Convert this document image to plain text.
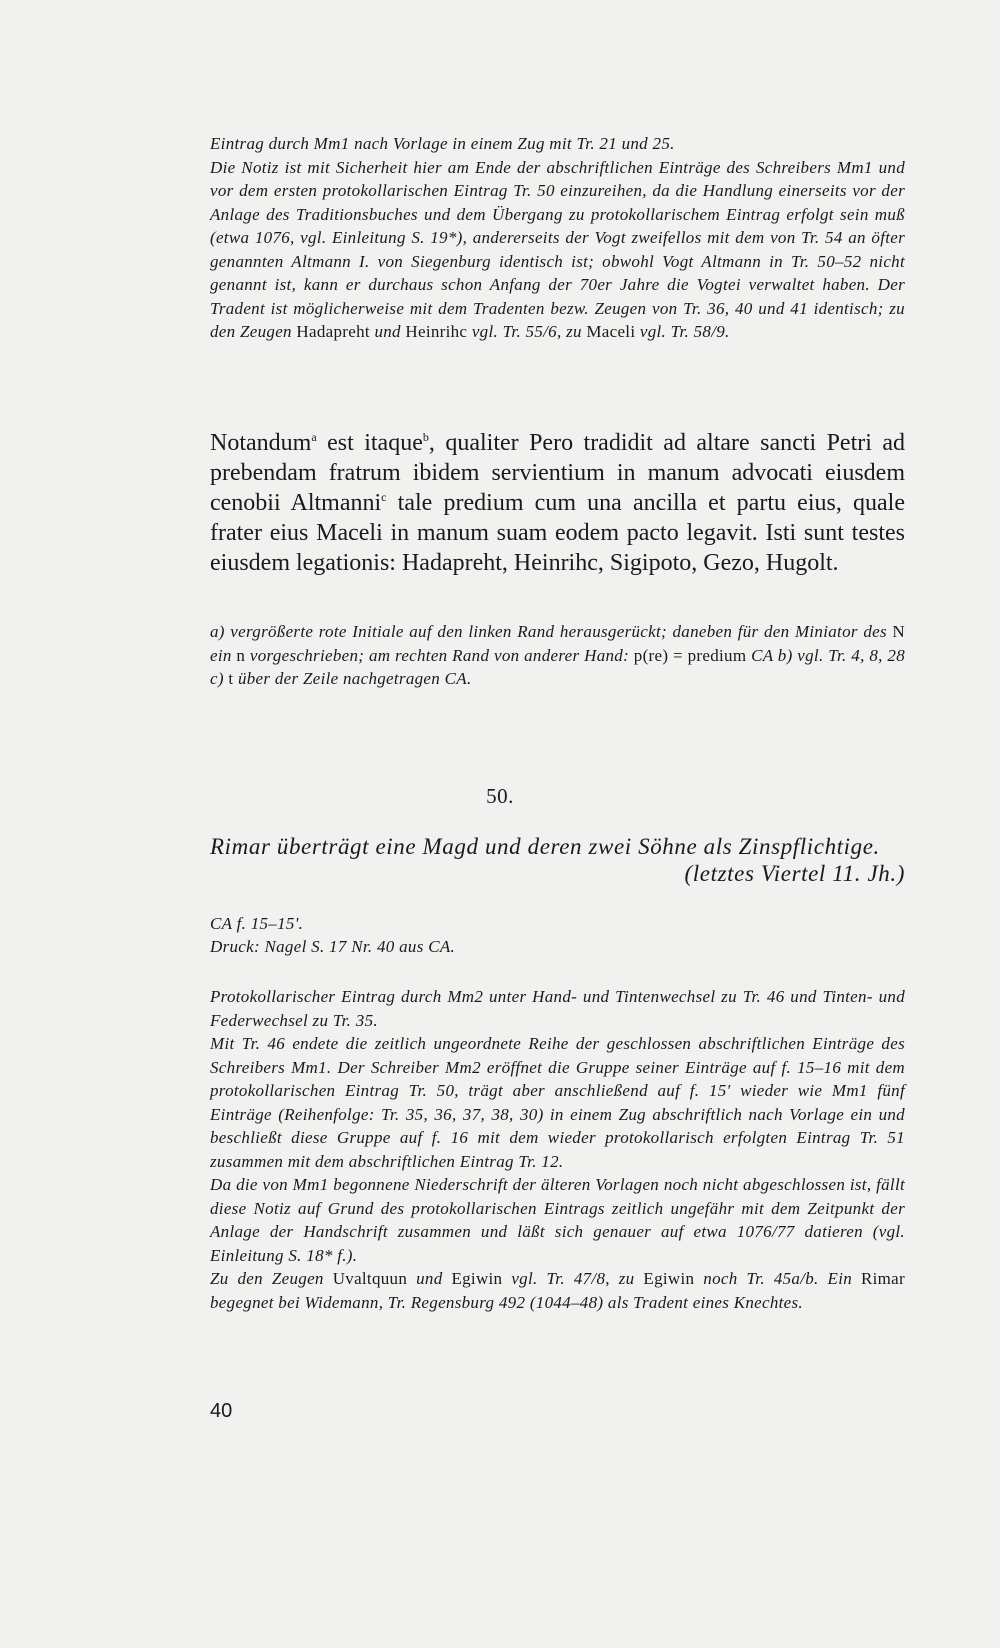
Eintrag durch Mm1 nach Vorlage in einem Zug mit Tr. 21 und 25.

Die Notiz ist mit Sicherheit hier am Ende der abschriftlichen Einträge des Schreibers Mm1 und vor dem ersten protokollarischen Eintrag Tr. 50 einzureihen, da die Handlung einerseits vor der Anlage des Traditionsbuches und dem Übergang zu protokollarischem Eintrag erfolgt sein muß (etwa 1076, vgl. Einleitung S. 19*), andererseits der Vogt zweifellos mit dem von Tr. 54 an öfter genannten Altmann I. von Siegenburg identisch ist; obwohl Vogt Altmann in Tr. 50–52 nicht genannt ist, kann er durchaus schon Anfang der 70er Jahre die Vogtei verwaltet haben. Der Tradent ist möglicherweise mit dem Tradenten bezw. Zeugen von Tr. 36, 40 und 41 identisch; zu den Zeugen Hadapreht und Heinrihc vgl. Tr. 55/6, zu Maceli vgl. Tr. 58/9.

Notandum$^a$ est itaque$^b$, qualiter Pero tradidit ad altare sancti Petri ad prebendam fratrum ibidem servientium in manum advocati eiusdem cenobii Altmanni$^c$ tale predium cum una ancilla et partu eius, quale frater eius Maceli in manum suam eodem pacto legavit. Isti sunt testes eiusdem legationis: Hadapreht, Heinrihc, Sigipoto, Gezo, Hugolt.

a) vergrößerte rote Initiale auf den linken Rand herausgerückt; daneben für den Miniator des N ein n vorgeschrieben; am rechten Rand von anderer Hand: p(re) = predium CA b) vgl. Tr. 4, 8, 28 c) t über der Zeile nachgetragen CA.

50.

Rimar überträgt eine Magd und deren zwei Söhne als Zinspflichtige.

(letztes Viertel 11. Jh.)

CA f. 15–15'.

Druck: Nagel S. 17 Nr. 40 aus CA.

Protokollarischer Eintrag durch Mm2 unter Hand- und Tintenwechsel zu Tr. 46 und Tinten- und Federwechsel zu Tr. 35.

Mit Tr. 46 endete die zeitlich ungeordnete Reihe der geschlossen abschriftlichen Einträge des Schreibers Mm1. Der Schreiber Mm2 eröffnet die Gruppe seiner Einträge auf f. 15–16 mit dem protokollarischen Eintrag Tr. 50, trägt aber anschließend auf f. 15' wieder wie Mm1 fünf Einträge (Reihenfolge: Tr. 35, 36, 37, 38, 30) in einem Zug abschriftlich nach Vorlage ein und beschließt diese Gruppe auf f. 16 mit dem wieder protokollarisch erfolgten Eintrag Tr. 51 zusammen mit dem abschriftlichen Eintrag Tr. 12.

Da die von Mm1 begonnene Niederschrift der älteren Vorlagen noch nicht abgeschlossen ist, fällt diese Notiz auf Grund des protokollarischen Eintrags zeitlich ungefähr mit dem Zeitpunkt der Anlage der Handschrift zusammen und läßt sich genauer auf etwa 1076/77 datieren (vgl. Einleitung S. 18* f.).

Zu den Zeugen Uvaltquun und Egiwin vgl. Tr. 47/8, zu Egiwin noch Tr. 45a/b. Ein Rimar begegnet bei Widemann, Tr. Regensburg 492 (1044–48) als Tradent eines Knechtes.

40
